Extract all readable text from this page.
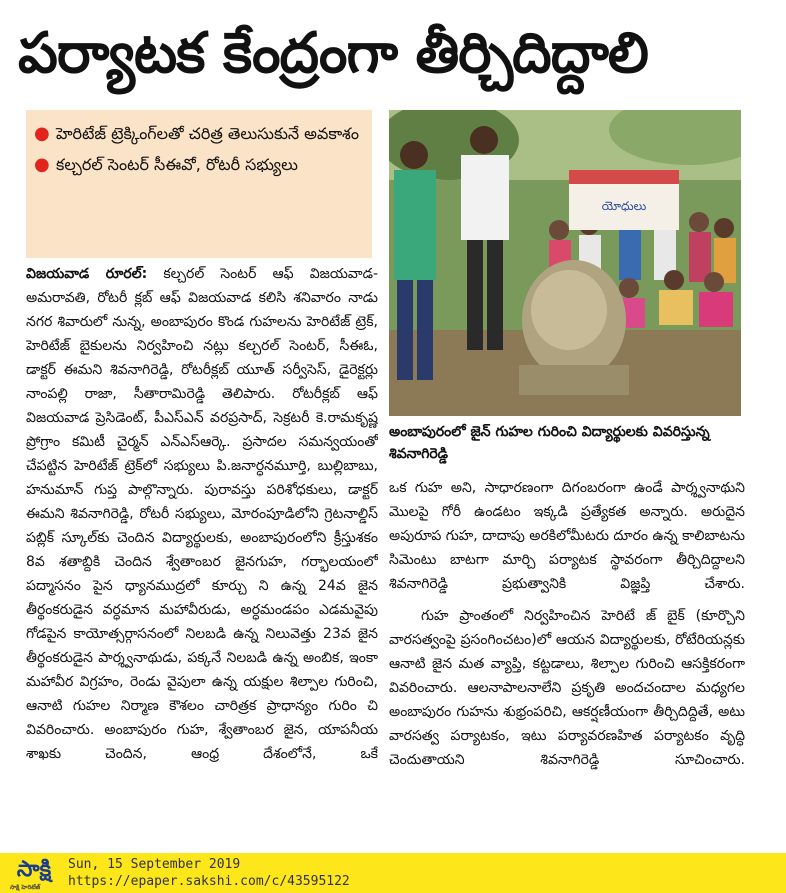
పర్యాటక కేంద్రంగా తీర్చిదిద్దాలి
● హెరిటేజ్ ట్రెక్కింగ్‌లతో చరిత్ర తెలుసుకునే అవకాశం
● కల్చరల్ సెంటర్ సీఈవో, రోటరీ సభ్యులు
యోధులు
అంబాపురంలో జైన్ గుహల గురించి విద్యార్థులకు వివరిస్తున్న శివనాగిరెడ్డి
విజయవాడ రూరల్: కల్చరల్ సెంటర్ ఆఫ్ విజయవాడ-అమరావతి, రోటరీ క్లబ్ ఆఫ్ విజయవాడ కలిసి శనివారం నాడు నగర శివారులో నున్న, అంబాపురం కొండ గుహలను హెరిటేజ్ ట్రెక్, హెరిటేజ్ బైకులను నిర్వహించి నట్లు కల్చరల్ సెంటర్, సీఈఓ, డాక్టర్ ఈమని శివనాగిరెడ్డి, రోటరీక్లబ్ యూత్ సర్వీసెస్, డైరెక్టర్లు నాంపల్లి రాజా, సీతారామిరెడ్డి తెలిపారు. రోటరీక్లబ్ ఆఫ్ విజయవాడ ప్రెసిడెంట్, పీఎస్ఎన్ వరప్రసాద్, సెక్రటరీ కె.రామకృష్ణ ప్రోగ్రాం కమిటీ చైర్మన్ ఎన్ఎస్ఆర్కె. ప్రసాదల సమన్వయంతో చేపట్టిన హెరిటేజ్ ట్రెక్‌లో సభ్యులు పి.జనార్ధనమూర్తి, బుల్లిబాబు, హనుమాన్ గుప్త పాల్గొన్నారు. పురావస్తు పరిశోధకులు, డాక్టర్ ఈమని శివనాగిరెడ్డి, రోటరీ సభ్యులు, మోరంపూడిలోని గ్రెటనాల్డిస్ పబ్లిక్ స్కూల్‌కు చెందిన విద్యార్థులకు, అంబాపురంలోని క్రీస్తుశకం 8వ శతాబ్దికి చెందిన శ్వేతాంబర జైనగుహ, గర్భాలయంలో పద్మాసనం పైన ధ్యానముద్రలో కూర్చు ని ఉన్న 24వ జైన తీర్థంకరుడైన వర్ధమాన మహావీరుడు, అర్ధమండపం ఎడమవైపు గోడపైన కాయోత్సర్గాసనంలో నిలబడి ఉన్న నిలువెత్తు 23వ జైన తీర్థంకరుడైన పార్శ్వనాథుడు, పక్కనే నిలబడి ఉన్న అంబిక, ఇంకా మహావీర విగ్రహం, రెండు వైపులా ఉన్న యక్షుల శిల్పాల గురించి, ఆనాటి గుహల నిర్మాణ కౌశలం చారిత్రక ప్రాధాన్యం గురిం చి వివరించారు. అంబాపురం గుహ, శ్వేతాంబర జైన, యాపనీయ శాఖకు చెందిన, ఆంధ్ర దేశంలోనే, ఒకే
ఒక గుహ అని, సాధారణంగా దిగంబరంగా ఉండే పార్శ్వనాథుని మొలపై గోరీ ఉండటం ఇక్కడి ప్రత్యేకత అన్నారు. అరుదైన అపురూప గుహ, దాదాపు అరకిలోమీటరు దూరం ఉన్న కాలిబాటను సిమెంటు బాటగా మార్చి పర్యాటక స్థావరంగా తీర్చిదిద్దాలని శివనాగిరెడ్డి ప్రభుత్వానికి విజ్ఞప్తి చేశారు.
గుహ ప్రాంతంలో నిర్వహించిన హెరిటే జ్ బైక్ (కూర్చొని వారసత్వంపై ప్రసంగించటం)లో ఆయన విద్యార్థులకు, రోటేరియన్లకు ఆనాటి జైన మత వ్యాప్తి, కట్టడాలు, శిల్పాల గురించి ఆసక్తికరంగా వివరించారు. ఆలనాపాలనాలేని ప్రకృతి అందచందాల మధ్యగల అంబాపురం గుహను శుభ్రంపరిచి, ఆకర్షణీయంగా తీర్చిదిద్దితే, అటు వారసత్వ పర్యాటకం, ఇటు పర్యావరణహిత పర్యాటకం వృద్ధి చెందుతాయని శివనాగిరెడ్డి సూచించారు.
సాక్షి
సాక్షి హెరిటేజ్
Sun, 15 September 2019
https://epaper.sakshi.com/c/43595122
